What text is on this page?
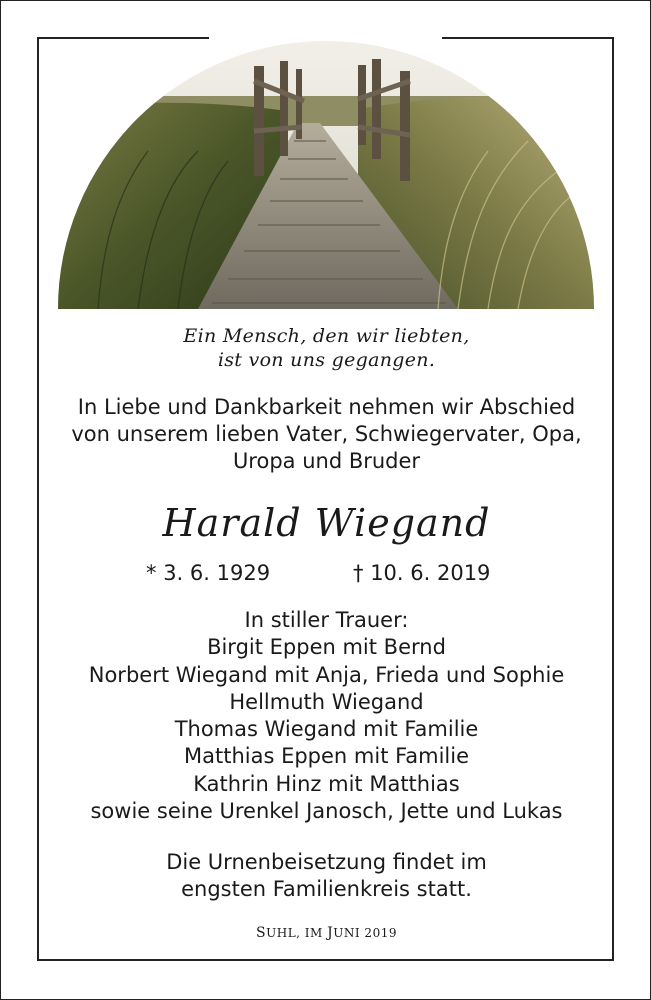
Ein Mensch, den wir liebten,
ist von uns gegangen.
In Liebe und Dankbarkeit nehmen wir Abschied
von unserem lieben Vater, Schwiegervater, Opa,
Uropa und Bruder
Harald Wiegand
* 3. 6. 1929	† 10. 6. 2019
In stiller Trauer:
Birgit Eppen mit Bernd
Norbert Wiegand mit Anja, Frieda und Sophie
Hellmuth Wiegand
Thomas Wiegand mit Familie
Matthias Eppen mit Familie
Kathrin Hinz mit Matthias
sowie seine Urenkel Janosch, Jette und Lukas
Die Urnenbeisetzung findet im
engsten Familienkreis statt.
SUHL, IM JUNI 2019
